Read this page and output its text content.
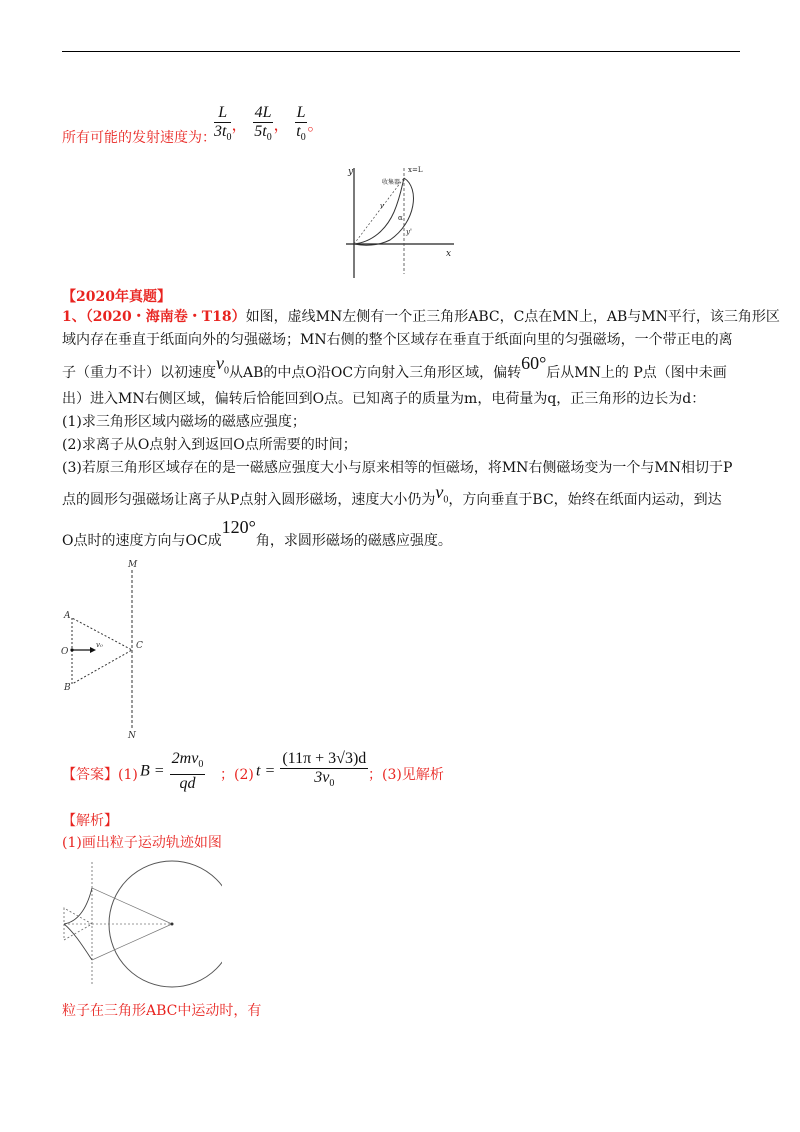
所有可能的发射速度为：
$\frac{L}{3t_0}$ ， $\frac{4L}{5t_0}$ ， $\frac{L}{t_0}$ 。
y
x
x=L
收集器
v
α
y'
【2020年真题】
1、（2020・海南卷・T18）如图，虚线MN左侧有一个正三角形ABC，C点在MN上，AB与MN平行，该三角形区
域内存在垂直于纸面向外的匀强磁场；MN右侧的整个区域存在垂直于纸面向里的匀强磁场，一个带正电的离
子（重力不计）以初速度$v_0$从AB的中点O沿OC方向射入三角形区域，偏转60°后从MN上的 P点（图中未画
出）进入MN右侧区域，偏转后恰能回到O点。已知离子的质量为m，电荷量为q，正三角形的边长为d：
(1)求三角形区域内磁场的磁感应强度；
(2)求离子从O点射入到返回O点所需要的时间；
(3)若原三角形区域存在的是一磁感应强度大小与原来相等的恒磁场，将MN右侧磁场变为一个与MN相切于P
点的圆形匀强磁场让离子从P点射入圆形磁场，速度大小仍为$v_0$，方向垂直于BC，始终在纸面内运动，到达
O点时的速度方向与OC成120°角，求圆形磁场的磁感应强度。
M
N
A
B
C
O
v₀
【答案】(1) $B = \frac{2mv_0}{qd}$ ；(2) $t = \frac{(11\pi + 3√3)d}{3v_0}$ ；(3)见解析
【解析】
(1)画出粒子运动轨迹如图
粒子在三角形ABC中运动时，有
